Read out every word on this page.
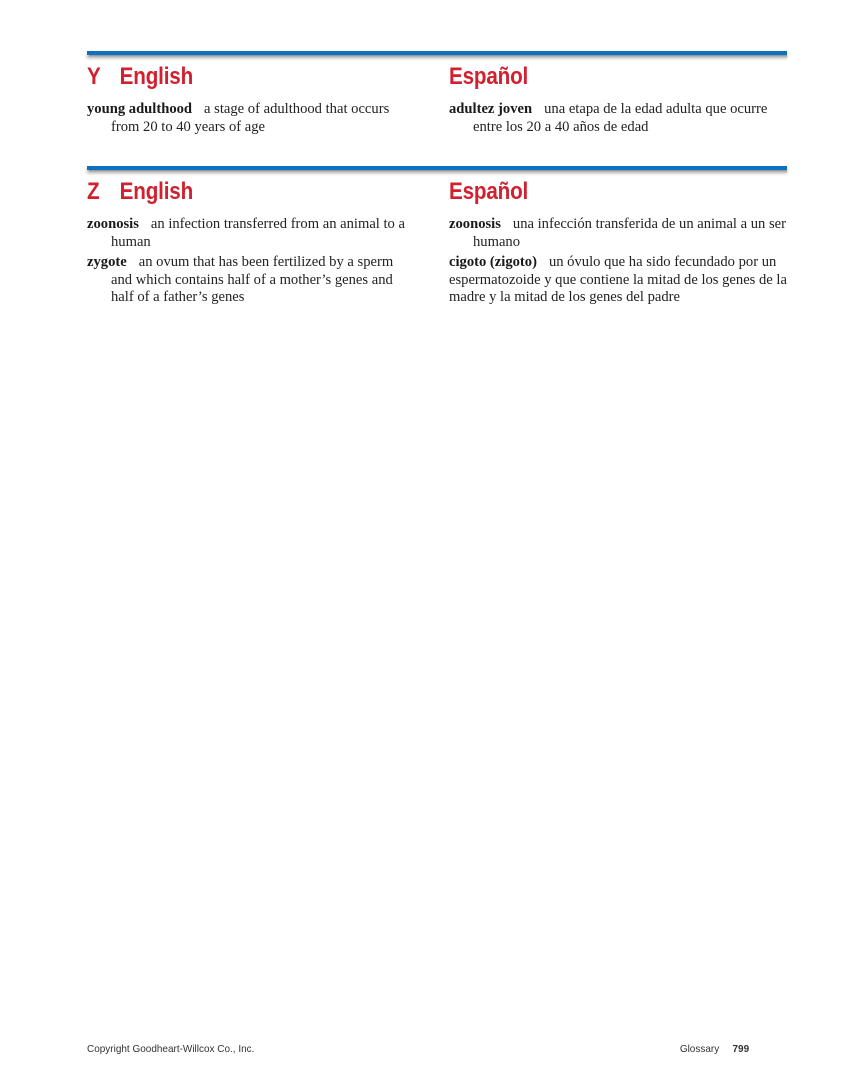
Y English

young adulthood a stage of adulthood that occurs from 20 to 40 years of age

Español

adultez joven una etapa de la edad adulta que ocurre entre los 20 a 40 años de edad

Z English

zoonosis an infection transferred from an animal to a human

zygote an ovum that has been fertilized by a sperm and which contains half of a mother’s genes and half of a father’s genes

Español

zoonosis una infección transferida de un animal a un ser humano

cigoto (zigoto) un óvulo que ha sido fecundado por un espermatozoide y que contiene la mitad de los genes de la madre y la mitad de los genes del padre

Copyright Goodheart-Willcox Co., Inc.	Glossary 799
